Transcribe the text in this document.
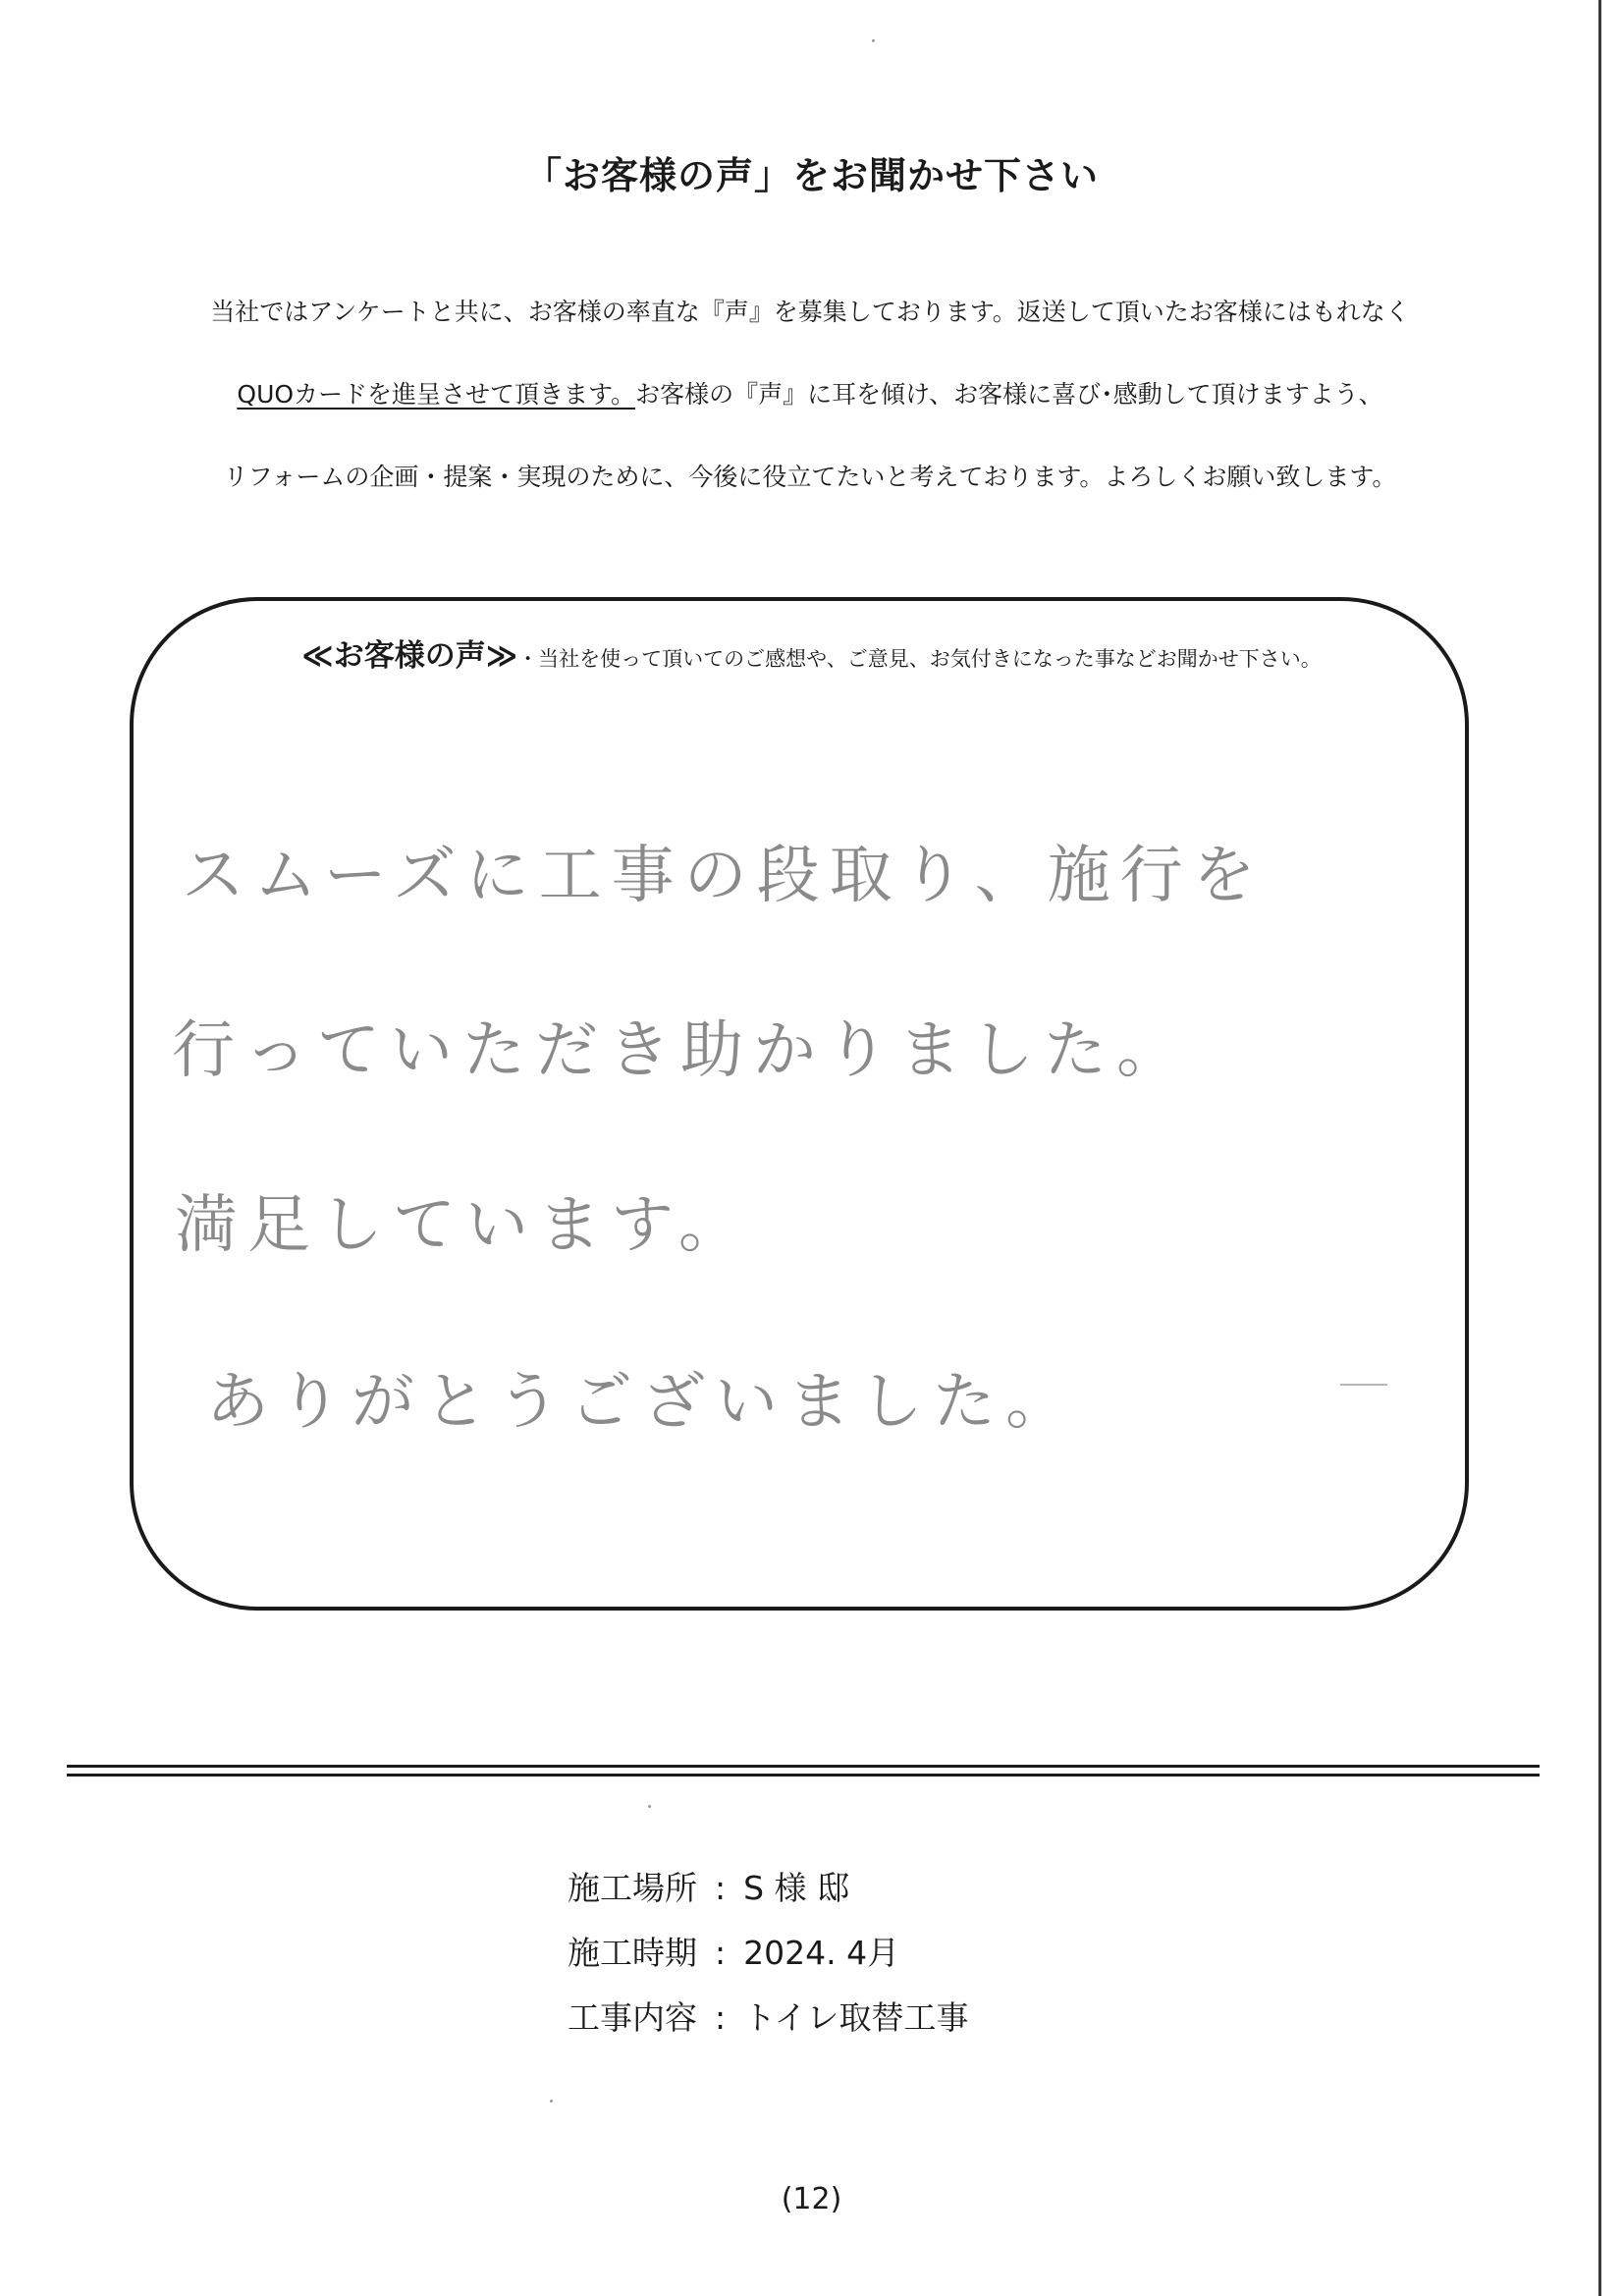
「お客様の声」をお聞かせ下さい
当社ではアンケートと共に、お客様の率直な『声』を募集しております。返送して頂いたお客様にはもれなく
QUOカードを進呈させて頂きます。お客様の『声』に耳を傾け、お客様に喜び･感動して頂けますよう、
リフォームの企画・提案・実現のために、今後に役立てたいと考えております。よろしくお願い致します。
≪お客様の声≫・当社を使って頂いてのご感想や、ご意見、お気付きになった事などお聞かせ下さい。
スムーズに工事の段取り、施行を
行っていただき助かりました。
満足しています。
ありがとうございました。
施工場所 : S 様 邸
施工時期 : 2024. 4月
工事内容 : トイレ取替工事
(12)
